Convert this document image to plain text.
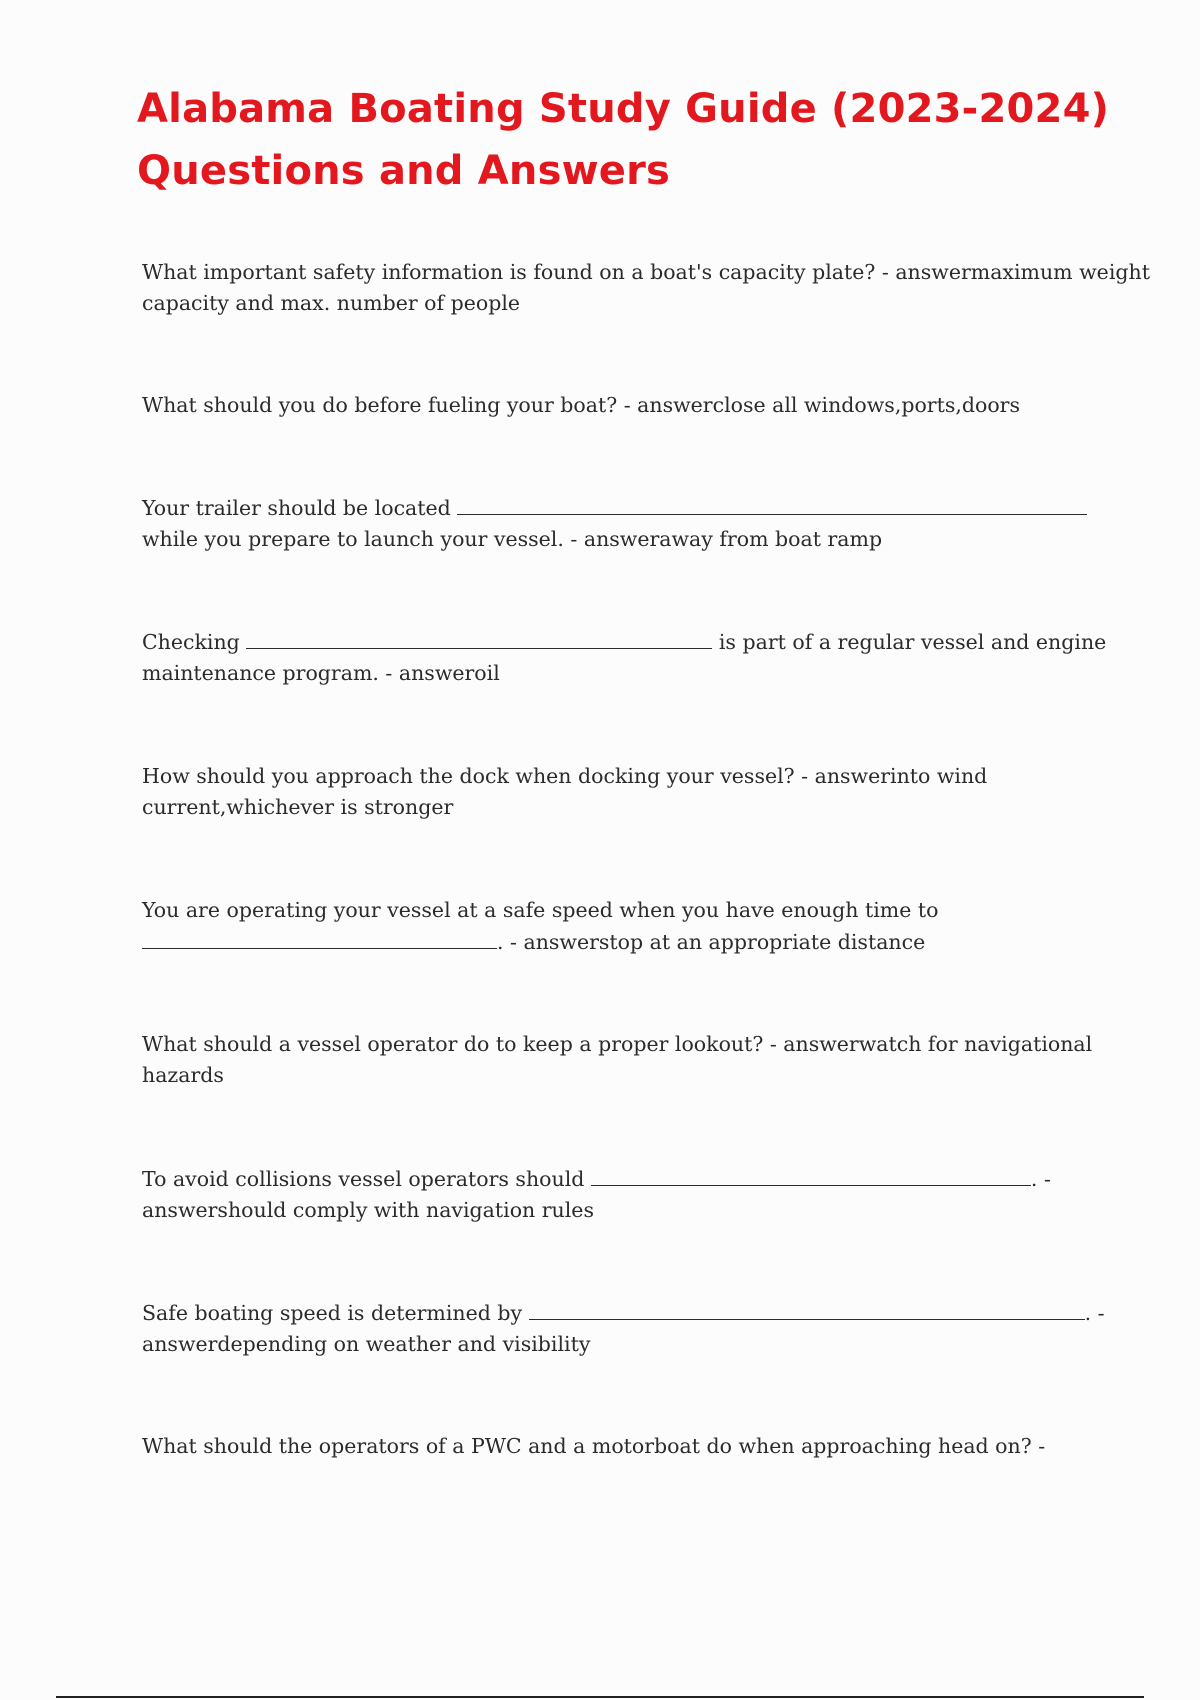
Alabama Boating Study Guide (2023-2024)
Questions and Answers
What important safety information is found on a boat's capacity plate? - answermaximum weight
capacity and max. number of people
What should you do before fueling your boat? - answerclose all windows,ports,doors
Your trailer should be located
while you prepare to launch your vessel. - answeraway from boat ramp
Checking	is part of a regular vessel and engine
maintenance program. - answeroil
How should you approach the dock when docking your vessel? - answerinto wind
current,whichever is stronger
You are operating your vessel at a safe speed when you have enough time to
. - answerstop at an appropriate distance
What should a vessel operator do to keep a proper lookout? - answerwatch for navigational
hazards
To avoid collisions vessel operators should	. -
answershould comply with navigation rules
Safe boating speed is determined by	. -
answerdepending on weather and visibility
What should the operators of a PWC and a motorboat do when approaching head on? -
